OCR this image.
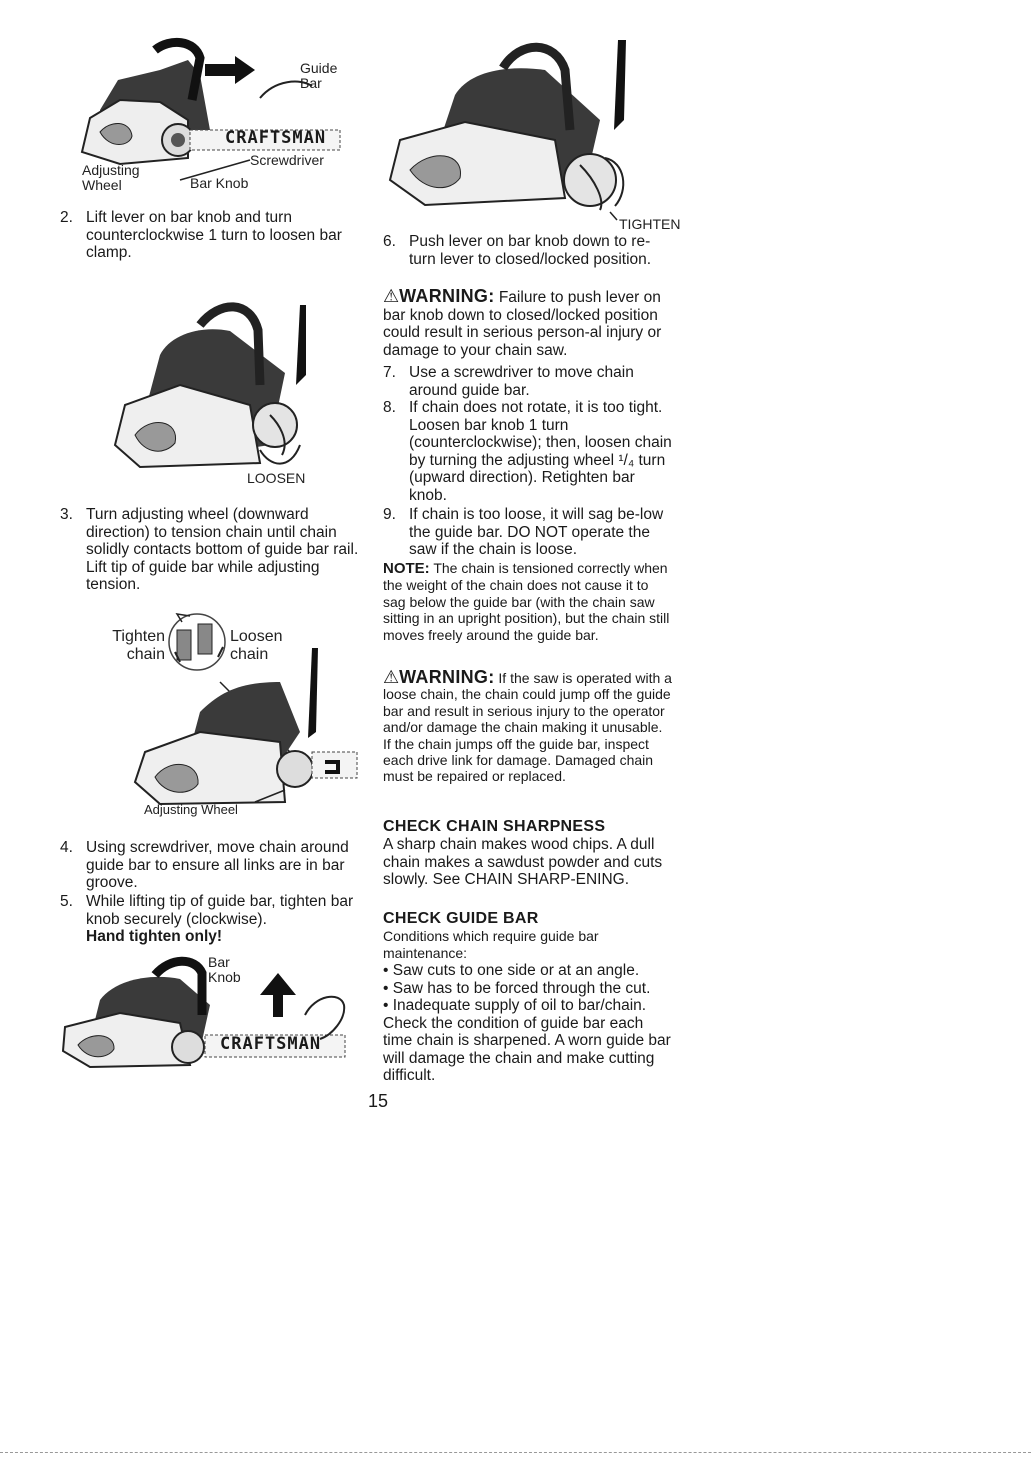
CRAFTSMAN
Guide
Bar
Adjusting
Wheel	Bar Knob
Screwdriver
2. Lift lever on bar knob and turn counterclockwise 1 turn to loosen bar clamp.
LOOSEN
3. Turn adjusting wheel (downward direction) to tension chain until chain solidly contacts bottom of guide bar rail. Lift tip of guide bar while adjusting tension.
Tighten
chain
Loosen
chain
Adjusting Wheel
4. Using screwdriver, move chain around guide bar to ensure all links are in bar groove.
5. While lifting tip of guide bar, tighten bar knob securely (clockwise).
Hand tighten only!
CRAFTSMAN
Bar
Knob
TIGHTEN
6. Push lever on bar knob down to re-turn lever to closed/locked position.
⚠WARNING: Failure to push lever on bar knob down to closed/locked position could result in serious person-al injury or damage to your chain saw.
7. Use a screwdriver to move chain around guide bar.
8. If chain does not rotate, it is too tight. Loosen bar knob 1 turn (counterclockwise); then, loosen chain by turning the adjusting wheel ¹/₄ turn (upward direction). Retighten bar knob.
9. If chain is too loose, it will sag be-low the guide bar. DO NOT operate the saw if the chain is loose.
NOTE: The chain is tensioned correctly when the weight of the chain does not cause it to sag below the guide bar (with the chain saw sitting in an upright position), but the chain still moves freely around the guide bar.
⚠WARNING: If the saw is operated with a loose chain, the chain could jump off the guide bar and result in serious injury to the operator and/or damage the chain making it unusable. If the chain jumps off the guide bar, inspect each drive link for damage. Damaged chain must be repaired or replaced.
CHECK CHAIN SHARPNESS
A sharp chain makes wood chips. A dull chain makes a sawdust powder and cuts slowly. See CHAIN SHARP-ENING.
CHECK GUIDE BAR
Conditions which require guide bar maintenance:
• Saw cuts to one side or at an angle.
• Saw has to be forced through the cut.
• Inadequate supply of oil to bar/chain.
Check the condition of guide bar each time chain is sharpened. A worn guide bar will damage the chain and make cutting difficult.
15
